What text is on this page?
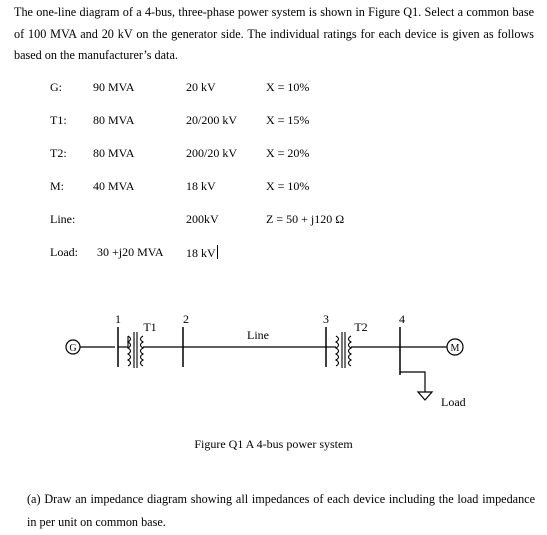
The one-line diagram of a 4-bus, three-phase power system is shown in Figure Q1. Select a common base of 100 MVA and 20 kV on the generator side. The individual ratings for each device is given as follows based on the manufacturer’s data.
G:	90 MVA	20 kV	X = 10%
T1: 80 MVA	20/200 kV X = 15%
T2: 80 MVA	200/20 kV X = 20%
M: 40 MVA	18 kV	X = 10%
Line:	200kV	Z = 50 + j120 Ω
Load: 30 +j20 MVA 18 kV
G
1
T1
2
Line
3
T2
4
M
Load
Figure Q1 A 4-bus power system
(a) Draw an impedance diagram showing all impedances of each device including the load impedance in per unit on common base.
